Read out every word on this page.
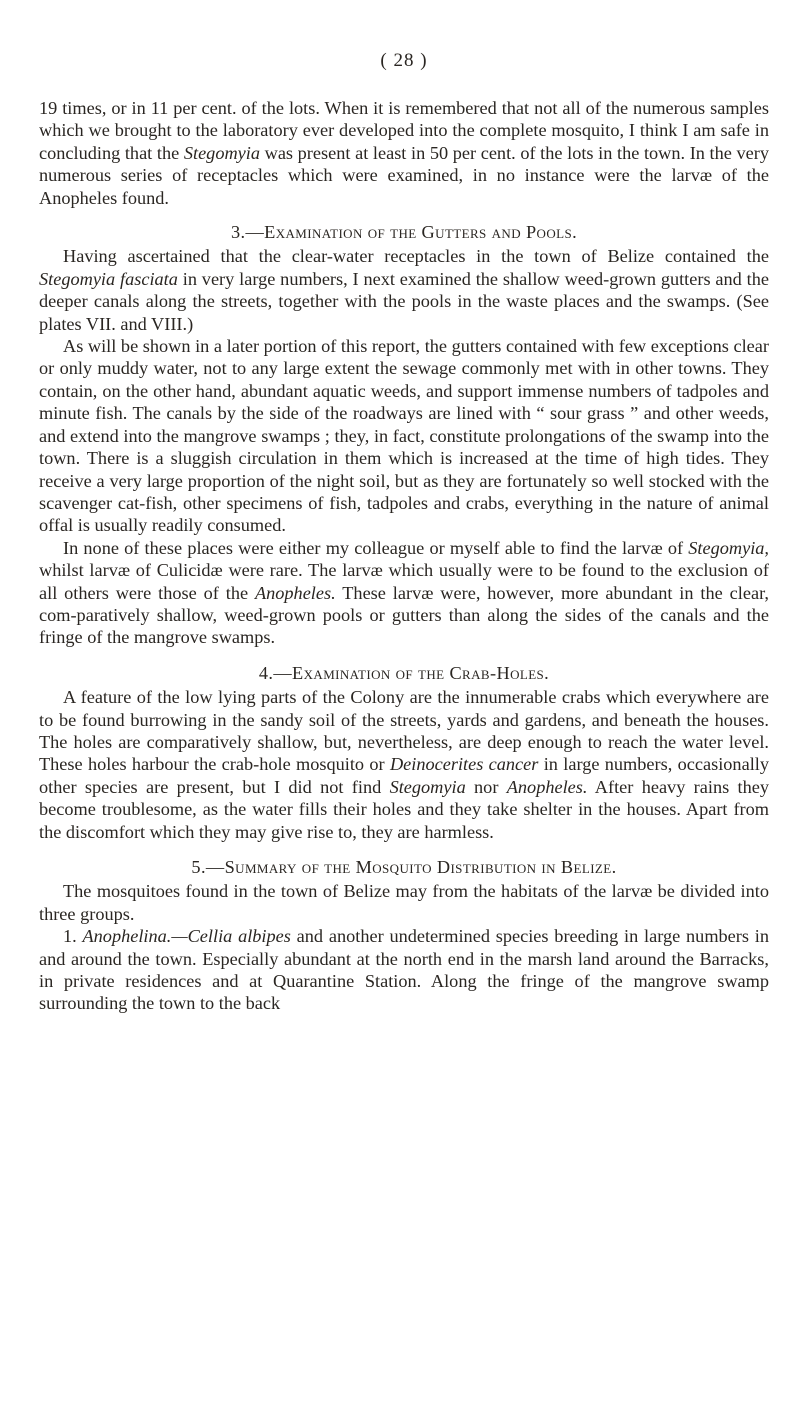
( 28 )

19 times, or in 11 per cent. of the lots. When it is remembered that not all of the numerous samples which we brought to the laboratory ever developed into the complete mosquito, I think I am safe in concluding that the Stegomyia was present at least in 50 per cent. of the lots in the town. In the very numerous series of receptacles which were examined, in no instance were the larvæ of the Anopheles found.

3.—Examination of the Gutters and Pools.

Having ascertained that the clear-water receptacles in the town of Belize contained the Stegomyia fasciata in very large numbers, I next examined the shallow weed-grown gutters and the deeper canals along the streets, together with the pools in the waste places and the swamps. (See plates VII. and VIII.)

As will be shown in a later portion of this report, the gutters contained with few exceptions clear or only muddy water, not to any large extent the sewage commonly met with in other towns. They contain, on the other hand, abundant aquatic weeds, and support immense numbers of tadpoles and minute fish. The canals by the side of the roadways are lined with “ sour grass ” and other weeds, and extend into the mangrove swamps ; they, in fact, constitute prolongations of the swamp into the town. There is a sluggish circulation in them which is increased at the time of high tides. They receive a very large proportion of the night soil, but as they are fortunately so well stocked with the scavenger cat-fish, other specimens of fish, tadpoles and crabs, everything in the nature of animal offal is usually readily consumed.

In none of these places were either my colleague or myself able to find the larvæ of Stegomyia, whilst larvæ of Culicidæ were rare. The larvæ which usually were to be found to the exclusion of all others were those of the Anopheles. These larvæ were, however, more abundant in the clear, com-paratively shallow, weed-grown pools or gutters than along the sides of the canals and the fringe of the mangrove swamps.

4.—Examination of the Crab-Holes.

A feature of the low lying parts of the Colony are the innumerable crabs which everywhere are to be found burrowing in the sandy soil of the streets, yards and gardens, and beneath the houses. The holes are comparatively shallow, but, nevertheless, are deep enough to reach the water level. These holes harbour the crab-hole mosquito or Deinocerites cancer in large numbers, occasionally other species are present, but I did not find Stegomyia nor Anopheles. After heavy rains they become troublesome, as the water fills their holes and they take shelter in the houses. Apart from the discomfort which they may give rise to, they are harmless.

5.—Summary of the Mosquito Distribution in Belize.

The mosquitoes found in the town of Belize may from the habitats of the larvæ be divided into three groups.

1. Anophelina.—Cellia albipes and another undetermined species breeding in large numbers in and around the town. Especially abundant at the north end in the marsh land around the Barracks, in private residences and at Quarantine Station. Along the fringe of the mangrove swamp surrounding the town to the back
